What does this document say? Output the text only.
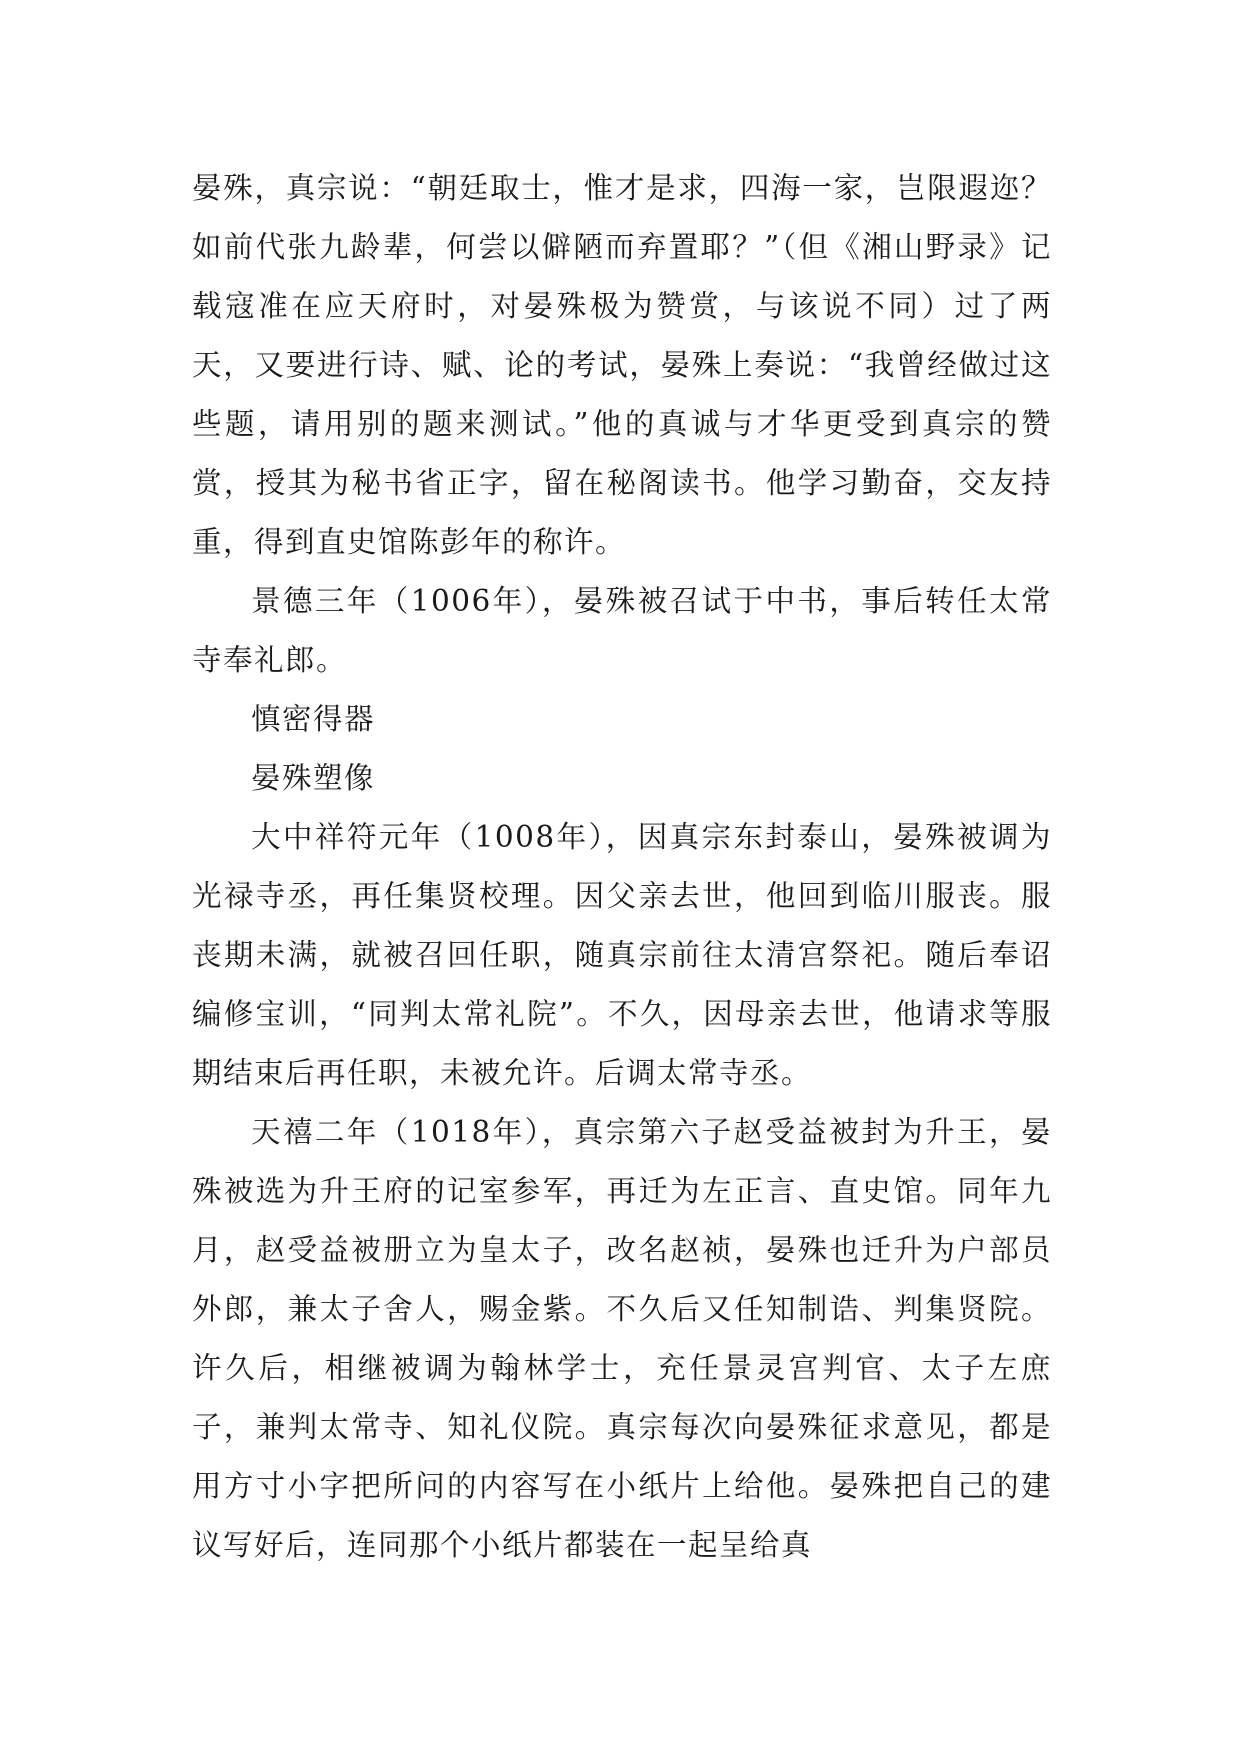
晏殊，真宗说：“朝廷取士，惟才是求，四海一家，岂限遐迩？如前代张九龄辈，何尝以僻陋而弃置耶？”（但《湘山野录》记载寇准在应天府时，对晏殊极为赞赏，与该说不同）过了两天，又要进行诗、赋、论的考试，晏殊上奏说：“我曾经做过这些题，请用别的题来测试。”他的真诚与才华更受到真宗的赞赏，授其为秘书省正字，留在秘阁读书。他学习勤奋，交友持重，得到直史馆陈彭年的称许。

景德三年（1006年），晏殊被召试于中书，事后转任太常寺奉礼郎。

慎密得器

晏殊塑像

大中祥符元年（1008年），因真宗东封泰山，晏殊被调为光禄寺丞，再任集贤校理。因父亲去世，他回到临川服丧。服丧期未满，就被召回任职，随真宗前往太清宫祭祀。随后奉诏编修宝训，“同判太常礼院”。不久，因母亲去世，他请求等服期结束后再任职，未被允许。后调太常寺丞。

天禧二年（1018年），真宗第六子赵受益被封为升王，晏殊被选为升王府的记室参军，再迁为左正言、直史馆。同年九月，赵受益被册立为皇太子，改名赵祯，晏殊也迁升为户部员外郎，兼太子舍人，赐金紫。不久后又任知制诰、判集贤院。许久后，相继被调为翰林学士，充任景灵宫判官、太子左庶子，兼判太常寺、知礼仪院。真宗每次向晏殊征求意见，都是用方寸小字把所问的内容写在小纸片上给他。晏殊把自己的建议写好后，连同那个小纸片都装在一起呈给真
